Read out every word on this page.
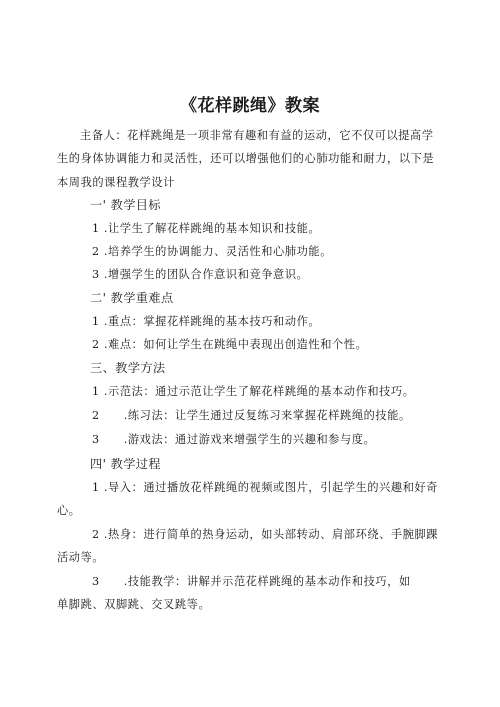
《花样跳绳》教案
主备人：花样跳绳是一项非常有趣和有益的运动，它不仅可以提高学
生的身体协调能力和灵活性，还可以增强他们的心肺功能和耐力，以下是
本周我的课程教学设计
一' 教学目标
1 .让学生了解花样跳绳的基本知识和技能。
2 .培养学生的协调能力、灵活性和心肺功能。
3 .增强学生的团队合作意识和竞争意识。
二' 教学重难点
1 .重点：掌握花样跳绳的基本技巧和动作。
2 .难点：如何让学生在跳绳中表现出创造性和个性。
三、教学方法
1 .示范法：通过示范让学生了解花样跳绳的基本动作和技巧。
2 .练习法：让学生通过反复练习来掌握花样跳绳的技能。
3 .游戏法：通过游戏来增强学生的兴趣和参与度。
四' 教学过程
1 .导入：通过播放花样跳绳的视频或图片，引起学生的兴趣和好奇
心。
2 .热身：进行简单的热身运动，如头部转动、肩部环绕、手腕脚踝
活动等。
3 .技能教学：讲解并示范花样跳绳的基本动作和技巧，如
单脚跳、双脚跳、交叉跳等。
